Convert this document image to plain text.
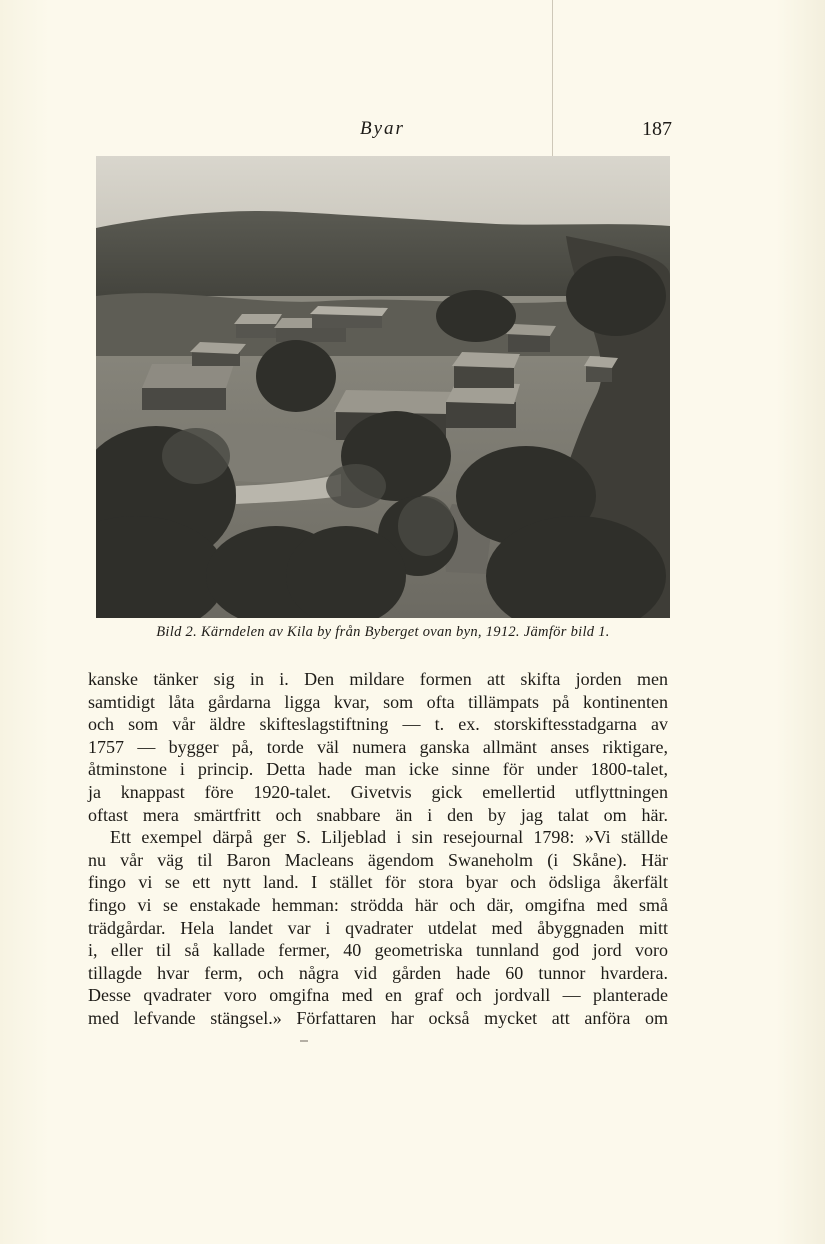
Byar	187
Bild 2. Kärndelen av Kila by från Byberget ovan byn, 1912. Jämför bild 1.
kanske tänker sig in i. Den mildare formen att skifta jorden men
samtidigt låta gårdarna ligga kvar, som ofta tillämpats på kontinenten
och som vår äldre skifteslagstiftning — t. ex. storskiftesstadgarna av
1757 — bygger på, torde väl numera ganska allmänt anses riktigare,
åtminstone i princip. Detta hade man icke sinne för under 1800-talet,
ja knappast före 1920-talet. Givetvis gick emellertid utflyttningen
oftast mera smärtfritt och snabbare än i den by jag talat om här.
Ett exempel därpå ger S. Liljeblad i sin resejournal 1798: »Vi ställde
nu vår väg til Baron Macleans ägendom Swaneholm (i Skåne). Här
fingo vi se ett nytt land. I stället för stora byar och ödsliga åkerfält
fingo vi se enstakade hemman: strödda här och där, omgifna med små
trädgårdar. Hela landet var i qvadrater utdelat med åbyggnaden mitt
i, eller til så kallade fermer, 40 geometriska tunnland god jord voro
tillagde hvar ferm, och några vid gården hade 60 tunnor hvardera.
Desse qvadrater voro omgifna med en graf och jordvall — planterade
med lefvande stängsel.» Författaren har också mycket att anföra om
